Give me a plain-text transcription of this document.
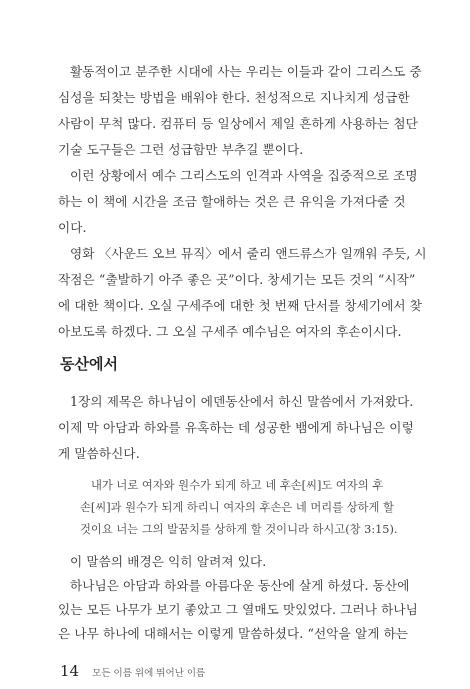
활동적이고 분주한 시대에 사는 우리는 이들과 같이 그리스도 중
심성을 되찾는 방법을 배워야 한다. 천성적으로 지나치게 성급한
사람이 무척 많다. 컴퓨터 등 일상에서 제일 흔하게 사용하는 첨단
기술 도구들은 그런 성급함만 부추길 뿐이다.
이런 상황에서 예수 그리스도의 인격과 사역을 집중적으로 조명
하는 이 책에 시간을 조금 할애하는 것은 큰 유익을 가져다줄 것
이다.
영화 〈사운드 오브 뮤직〉에서 줄리 앤드류스가 일깨워 주듯, 시
작점은 “출발하기 아주 좋은 곳”이다. 창세기는 모든 것의 “시작”
동산에서
1장의 제목은 하나님이 에덴동산에서 하신 말씀에서 가져왔다.
이제 막 아담과 하와를 유혹하는 데 성공한 뱀에게 하나님은 이렇
게 말씀하신다.
내가 너로 여자와 원수가 되게 하고 네 후손[씨]도 여자의 후
손[씨]과 원수가 되게 하리니 여자의 후손은 네 머리를 상하게 할
것이요 너는 그의 발꿈치를 상하게 할 것이니라 하시고(창 3:15).
이 말씀의 배경은 익히 알려져 있다.
하나님은 아담과 하와를 아름다운 동산에 살게 하셨다. 동산에
있는 모든 나무가 보기 좋았고 그 열매도 맛있었다. 그러나 하나님
은 나무 하나에 대해서는 이렇게 말씀하셨다. “선악을 알게 하는
14 모든 이름 위에 뛰어난 이름
에 대한 책이다. 오실 구세주에 대한 첫 번째 단서를 창세기에서 찾
아보도록 하겠다. 그 오실 구세주 예수님은 여자의 후손이시다.
